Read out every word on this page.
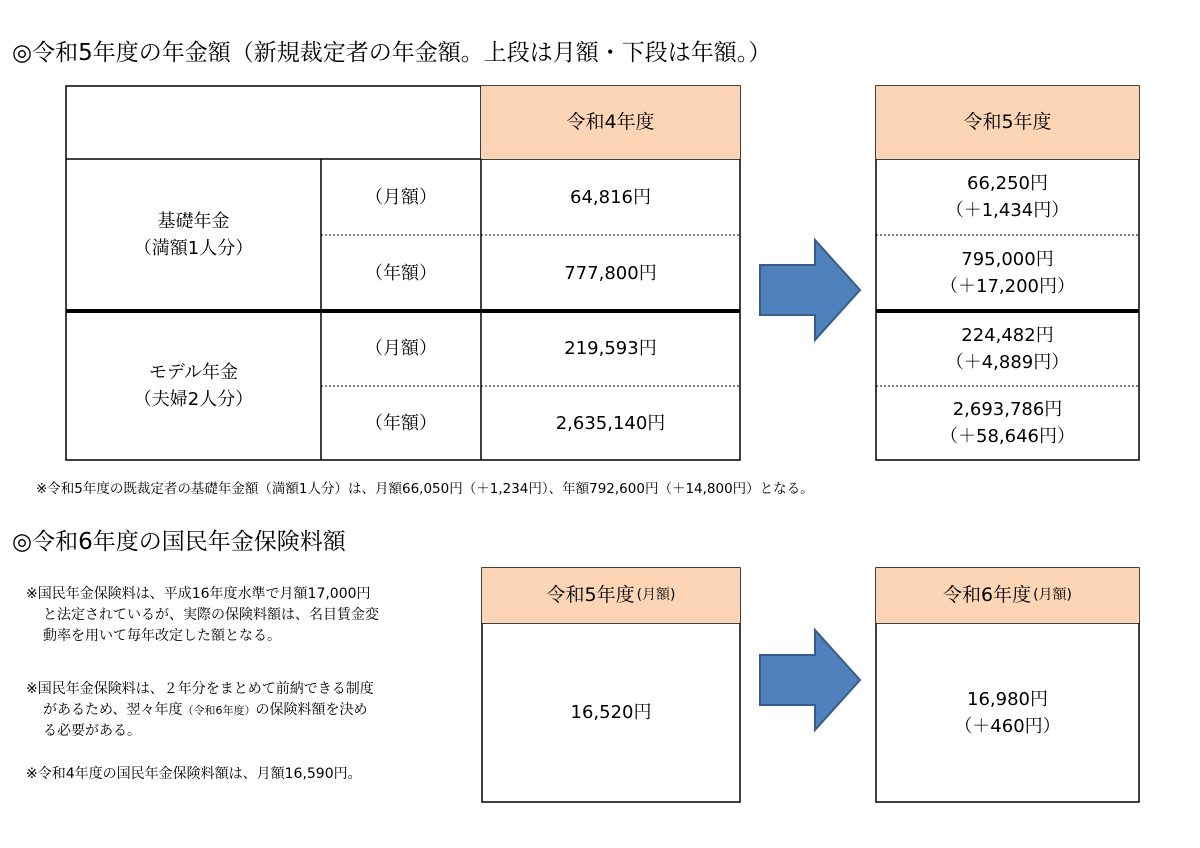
◎令和5年度の年金額（新規裁定者の年金額。上段は月額・下段は年額。）
令和4年度	令和5年度
基礎年金
（満額1人分）
（月額）
（年額）
64,816円
777,800円
モデル年金
（夫婦2人分）
（月額）
（年額）
219,593円
2,635,140円
66,250円
（＋1,434円）
795,000円
（＋17,200円）
224,482円
（＋4,889円）
2,693,786円
（＋58,646円）
※令和5年度の既裁定者の基礎年金額（満額1人分）は、月額66,050円（＋1,234円）、年額792,600円（＋14,800円）となる。
◎令和6年度の国民年金保険料額
※国民年金保険料は、平成16年度水準で月額17,000円
と法定されているが、実際の保険料額は、名目賃金変
動率を用いて毎年改定した額となる。
※国民年金保険料は、２年分をまとめて前納できる制度
があるため、翌々年度（令和6年度）の保険料額を決め
る必要がある。
※令和4年度の国民年金保険料額は、月額16,590円。
令和5年度 (月額)
16,520円
令和6年度 (月額)
16,980円
（＋460円）
